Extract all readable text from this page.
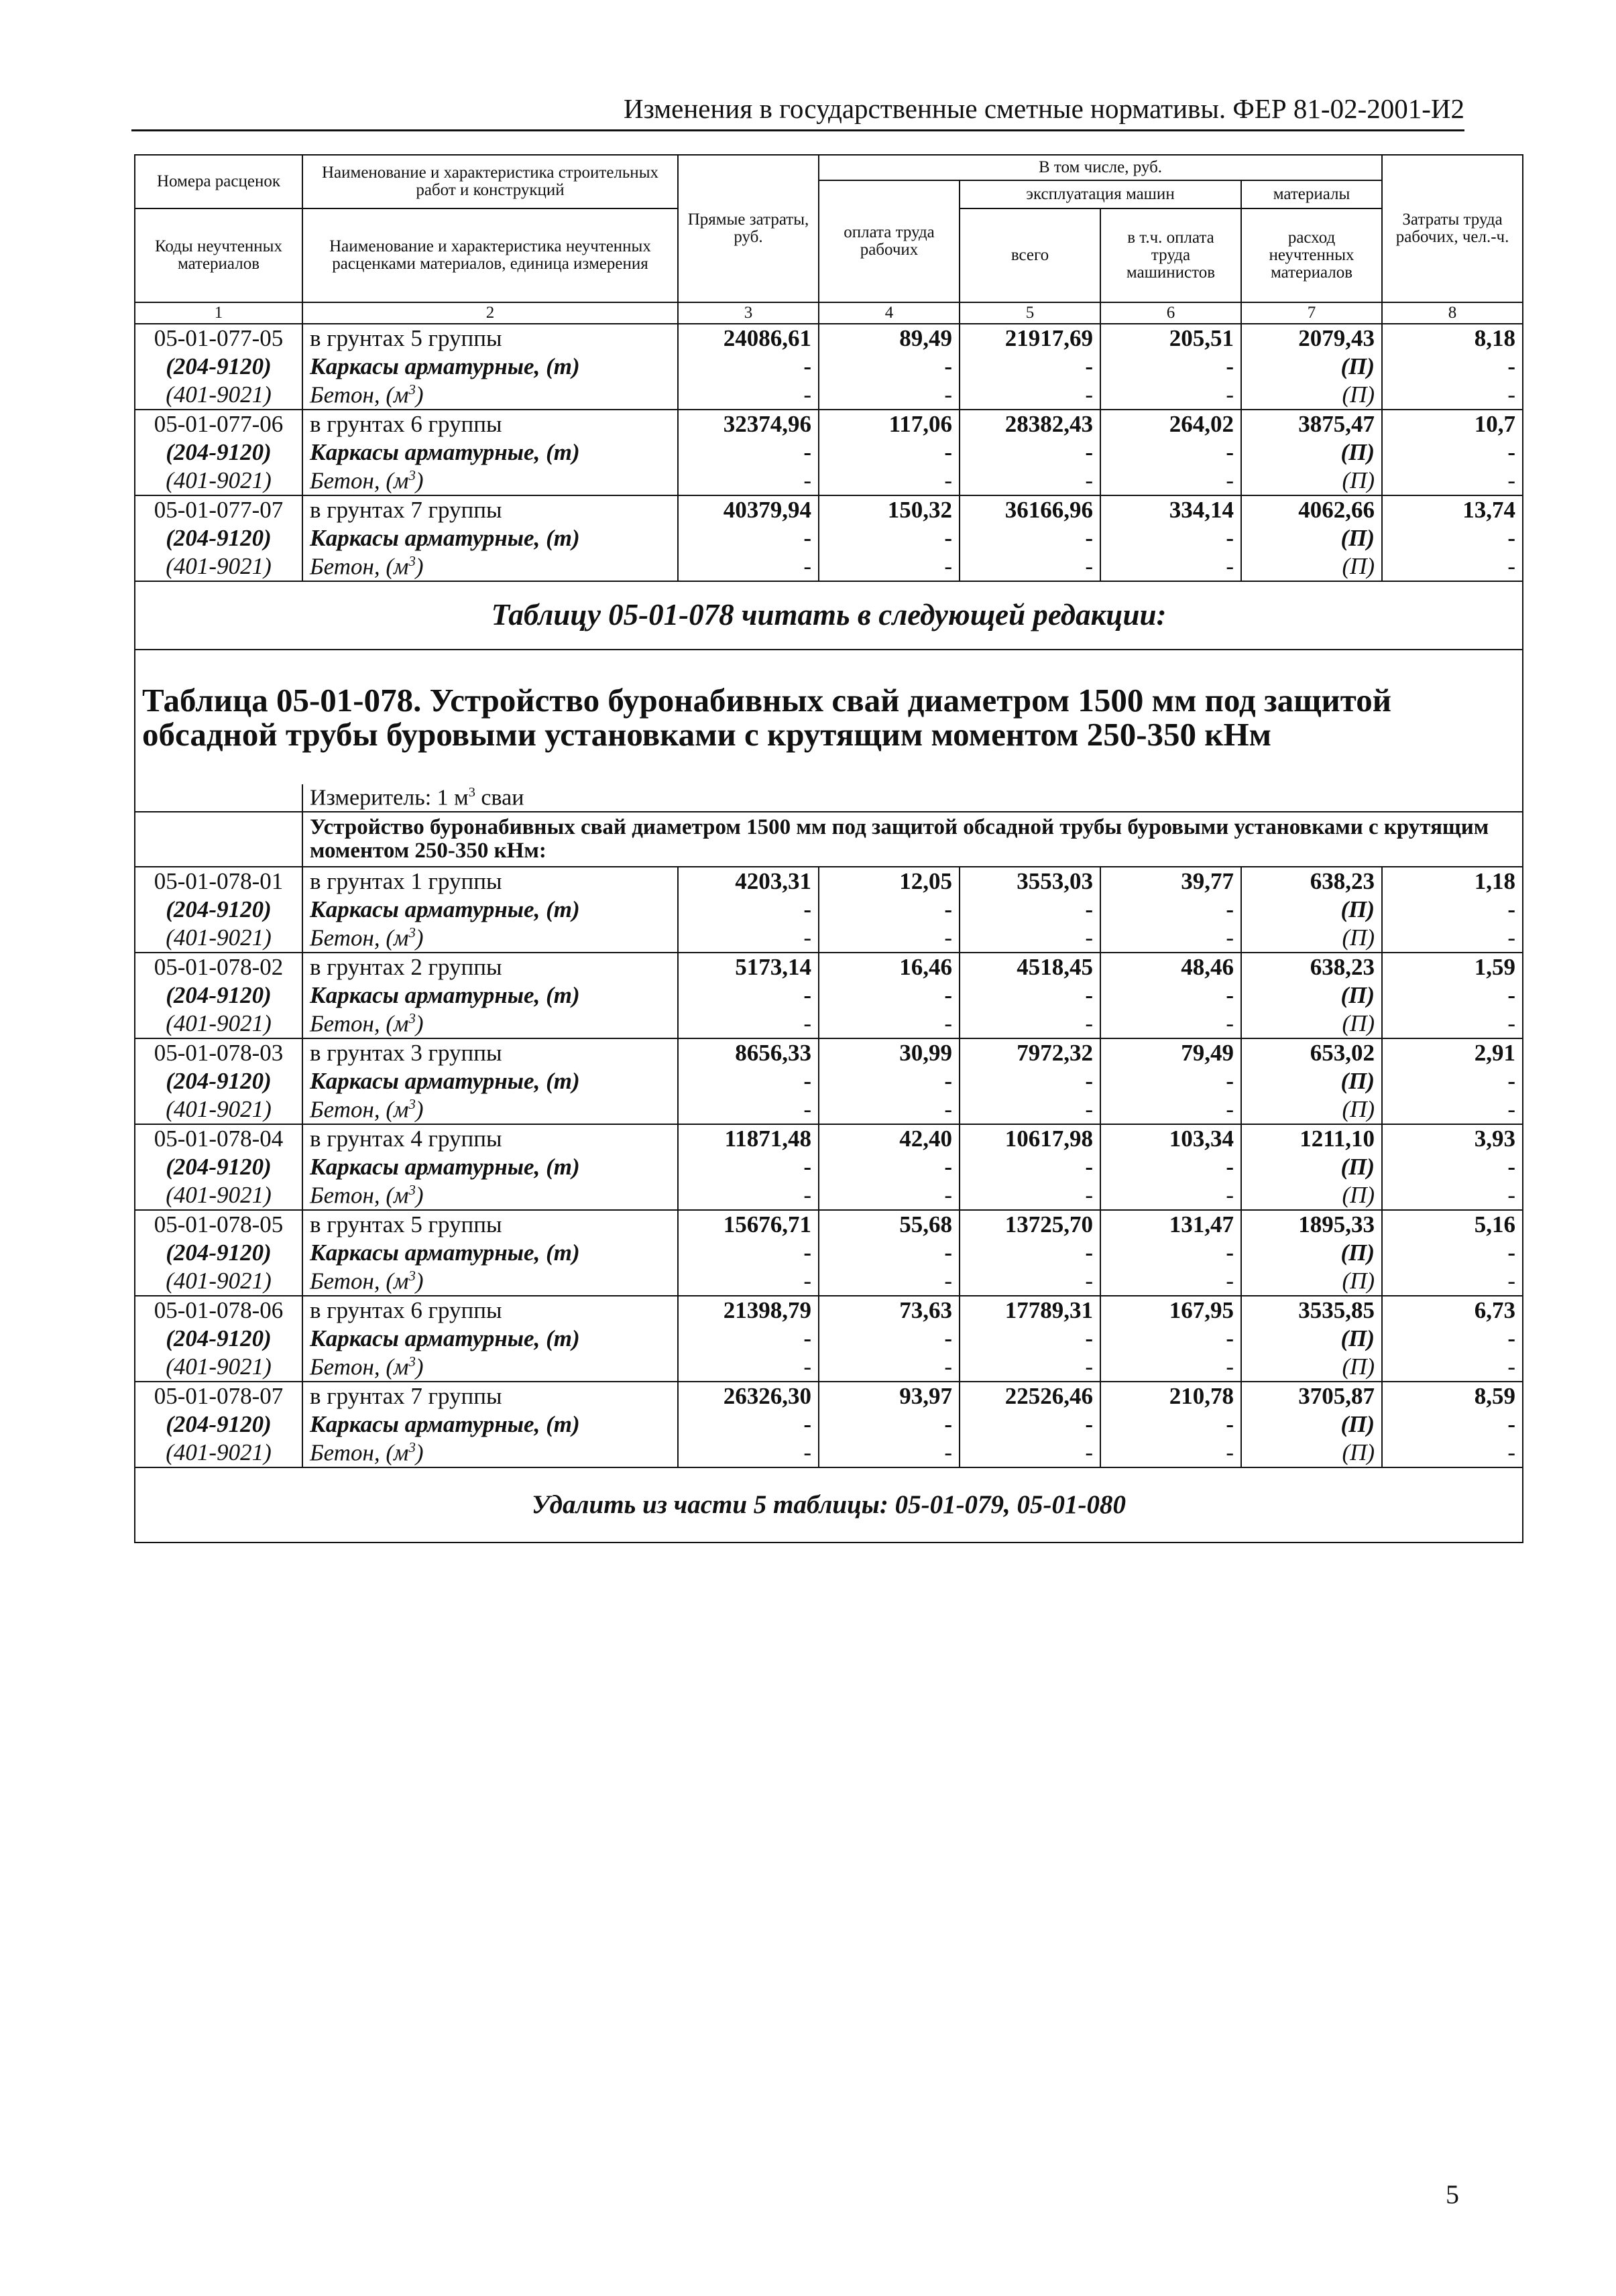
Изменения в государственные сметные нормативы. ФЕР 81-02-2001-И2
Номера расценок	Наименование и характеристика строительных работ и конструкций	Прямые затраты, руб.	В том числе, руб.				Затраты труда рабочих, чел.-ч.
			оплата труда рабочих	эксплуатация машин		материалы	
Коды неучтенных материалов	Наименование и характеристика неучтенных расценками материалов, единица измерения			всего	в т.ч. оплата труда машинистов	расход неучтенных материалов	

1	2	3	4	5	6	7	8
05-01-077-05	в грунтах 5 группы	24086,61	89,49	21917,69	205,51	2079,43	8,18
(204-9120)	Каркасы арматурные, (т)	-	-	-	-	(П)	-
(401-9021)	Бетон, $(м^3)$	-	-	-	-	(П)	-
05-01-077-06	в грунтах 6 группы	32374,96	117,06	28382,43	264,02	3875,47	10,7
(204-9120)	Каркасы арматурные, (т)	-	-	-	-	(П)	-
(401-9021)	Бетон, $(м^3)$	-	-	-	-	(П)	-
05-01-077-07	в грунтах 7 группы	40379,94	150,32	36166,96	334,14	4062,66	13,74
(204-9120)	Каркасы арматурные, (т)	-	-	-	-	(П)	-
(401-9021)	Бетон, $(м^3)$	-	-	-	-	(П)	-
Таблицу 05-01-078 читать в следующей редакции:							
Таблица 05-01-078. Устройство буронабивных свай диаметром 1500 мм под защитой обсадной трубы буровыми установками с крутящим моментом 250-350 кНм							
	Измеритель: 1 $м^3$ сваи						
	Устройство буронабивных свай диаметром 1500 мм под защитой обсадной трубы буровыми установками с крутящим моментом 250-350 кНм:						
05-01-078-01	в грунтах 1 группы	4203,31	12,05	3553,03	39,77	638,23	1,18
(204-9120)	Каркасы арматурные, (т)	-	-	-	-	(П)	-
(401-9021)	Бетон, $(м^3)$	-	-	-	-	(П)	-
05-01-078-02	в грунтах 2 группы	5173,14	16,46	4518,45	48,46	638,23	1,59
(204-9120)	Каркасы арматурные, (т)	-	-	-	-	(П)	-
(401-9021)	Бетон, $(м^3)$	-	-	-	-	(П)	-
05-01-078-03	в грунтах 3 группы	8656,33	30,99	7972,32	79,49	653,02	2,91
(204-9120)	Каркасы арматурные, (т)	-	-	-	-	(П)	-
(401-9021)	Бетон, $(м^3)$	-	-	-	-	(П)	-
05-01-078-04	в грунтах 4 группы	11871,48	42,40	10617,98	103,34	1211,10	3,93
(204-9120)	Каркасы арматурные, (т)	-	-	-	-	(П)	-
(401-9021)	Бетон, $(м^3)$	-	-	-	-	(П)	-
05-01-078-05	в грунтах 5 группы	15676,71	55,68	13725,70	131,47	1895,33	5,16
(204-9120)	Каркасы арматурные, (т)	-	-	-	-	(П)	-
(401-9021)	Бетон, $(м^3)$	-	-	-	-	(П)	-
05-01-078-06	в грунтах 6 группы	21398,79	73,63	17789,31	167,95	3535,85	6,73
(204-9120)	Каркасы арматурные, (т)	-	-	-	-	(П)	-
(401-9021)	Бетон, $(м^3)$	-	-	-	-	(П)	-
05-01-078-07	в грунтах 7 группы	26326,30	93,97	22526,46	210,78	3705,87	8,59
(204-9120)	Каркасы арматурные, (т)	-	-	-	-	(П)	-
(401-9021)	Бетон, $(м^3)$	-	-	-	-	(П)	-
Удалить из части 5 таблицы: 05-01-079, 05-01-080							
5
